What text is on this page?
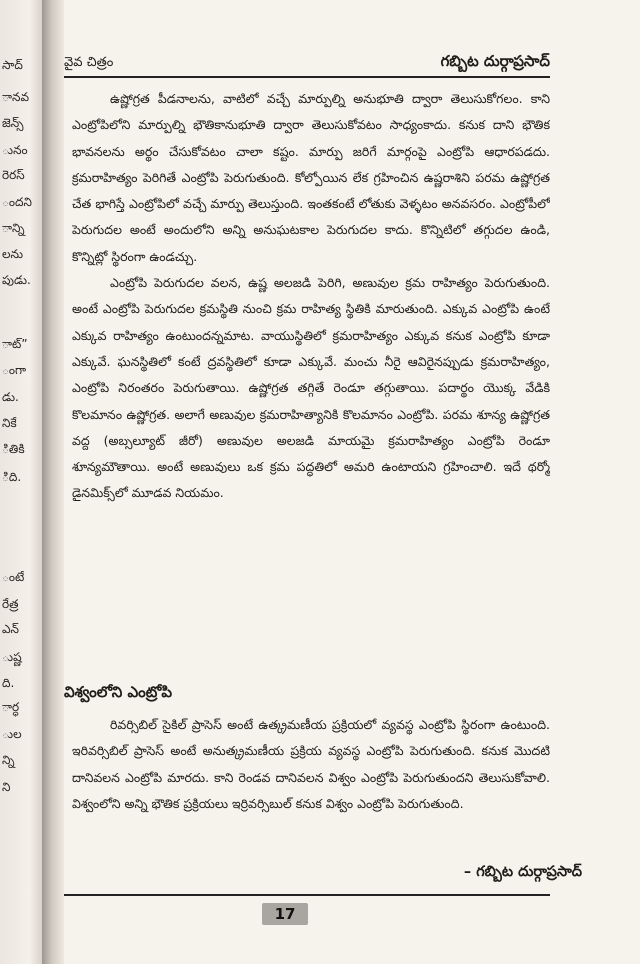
సాద్
ానవ
జెన్స్
ునం
రెరస్
ందని
ాన్ని
లను
పుడు.
ాట్”
ంగా
డు.
నికే
ితికి
ిది.
ంటే
రేత్ర
ఎన్
ుష్ణ
ది.
ార్ధ
ుల
న్ని
ని
వైవ చిత్రం	గబ్బిట దుర్గాప్రసాద్

ఉష్ణోగ్రత పీడనాలను, వాటిలో వచ్చే మార్పుల్ని అనుభూతి ద్వారా తెలుసుకోగలం. కాని ఎంట్రోపిలోని మార్పుల్ని భౌతికానుభూతి ద్వారా తెలుసుకోవటం సాధ్యంకాదు. కనుక దాని భౌతిక భావనలను అర్థం చేసుకోవటం చాలా కష్టం. మార్పు జరిగే మార్గంపై ఎంట్రోపి ఆధారపడదు. క్రమరాహిత్యం పెరిగితే ఎంట్రోపి పెరుగుతుంది. కోల్పోయిన లేక గ్రహించిన ఉష్ణరాశిని పరమ ఉష్ణోగ్రత చేత భాగిస్తే ఎంట్రోపిలో వచ్చే మార్పు తెలుస్తుంది. ఇంతకంటే లోతుకు వెళ్ళటం అనవసరం. ఎంట్రోపీలో పెరుగుదల అంటే అందులోని అన్ని అనుఘటకాల పెరుగుదల కాదు. కొన్నిటిలో తగ్గుదల ఉండి, కొన్నిట్లో స్థిరంగా ఉండచ్చు.

ఎంట్రోపి పెరుగుదల వలన, ఉష్ణ అలజడి పెరిగి, అణువుల క్రమ రాహిత్యం పెరుగుతుంది. అంటే ఎంట్రోపి పెరుగుదల క్రమస్థితి నుంచి క్రమ రాహిత్య స్థితికి మారుతుంది. ఎక్కువ ఎంట్రోపి ఉంటే ఎక్కువ రాహిత్యం ఉంటుందన్నమాట. వాయుస్థితిలో క్రమరాహిత్యం ఎక్కువ కనుక ఎంట్రోపి కూడా ఎక్కువే. ఘనస్థితిలో కంటే ద్రవస్థితిలో కూడా ఎక్కువే. మంచు నీరై ఆవిరైనప్పుడు క్రమరాహిత్యం, ఎంట్రోపి నిరంతరం పెరుగుతాయి. ఉష్ణోగ్రత తగ్గితే రెండూ తగ్గుతాయి. పదార్థం యొక్క వేడికి కొలమానం ఉష్ణోగ్రత. అలాగే అణువుల క్రమరాహిత్యానికి కొలమానం ఎంట్రోపి. పరమ శూన్య ఉష్ణోగ్రత వద్ద (అబ్సల్యూట్ జీరో) అణువుల అలజడి మాయమై క్రమరాహిత్యం ఎంట్రోపి రెండూ శూన్యమౌతాయి. అంటే అణువులు ఒక క్రమ పద్ధతిలో అమరి ఉంటాయని గ్రహించాలి. ఇదే థర్మో డైనమిక్స్‌లో మూడవ నియమం.

విశ్వంలోని ఎంట్రోపి

రివర్సిబిల్ సైకిల్ ప్రాసెస్ అంటే ఉత్క్రమణీయ ప్రక్రియలో వ్యవస్థ ఎంట్రోపి స్థిరంగా ఉంటుంది. ఇరివర్సిబిల్ ప్రాసెస్ అంటే అనుత్క్రమణీయ ప్రక్రియ వ్యవస్థ ఎంట్రోపి పెరుగుతుంది. కనుక మొదటి దానివలన ఎంట్రోపి మారదు. కాని రెండవ దానివలన విశ్వం ఎంట్రోపి పెరుగుతుందని తెలుసుకోవాలి. విశ్వంలోని అన్ని భౌతిక ప్రక్రియలు ఇర్రివర్సిబుల్ కనుక విశ్వం ఎంట్రోపి పెరుగుతుంది.

– గబ్బిట దుర్గాప్రసాద్
17
